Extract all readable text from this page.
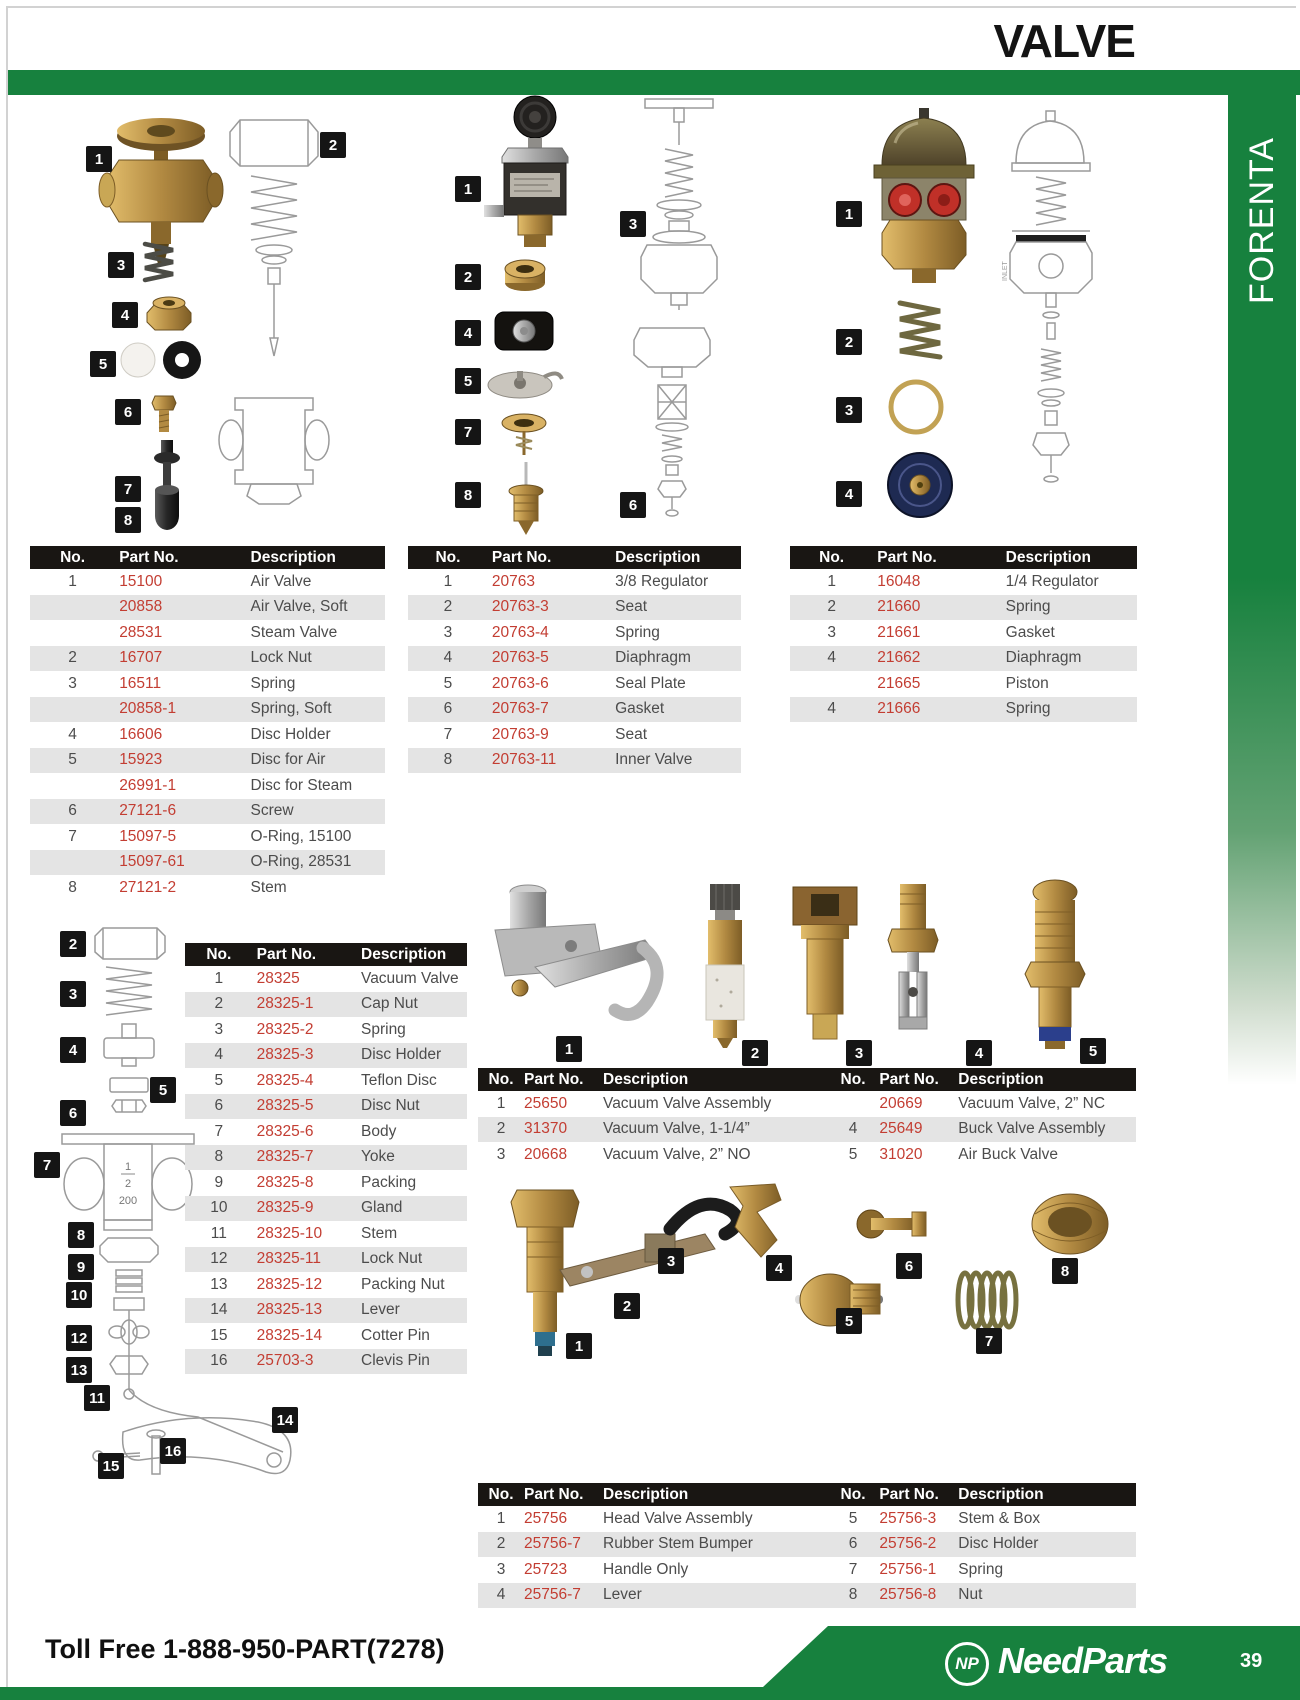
VALVE
FORENTA
INLET
1
2
200
No.	Part No.	Description
1	15100	Air Valve
20858	Air Valve, Soft
28531	Steam Valve
2	16707	Lock Nut
3	16511	Spring
20858-1	Spring, Soft
4	16606	Disc Holder
5	15923	Disc for Air
26991-1	Disc for Steam
6	27121-6	Screw
7	15097-5	O-Ring, 15100
15097-61	O-Ring, 28531
8	27121-2	Stem
No.	Part No.	Description
1	20763	3/8 Regulator
2	20763-3	Seat
3	20763-4	Spring
4	20763-5	Diaphragm
5	20763-6	Seal Plate
6	20763-7	Gasket
7	20763-9	Seat
8	20763-11	Inner Valve
No.	Part No.	Description
1	16048	1/4 Regulator
2	21660	Spring
3	21661	Gasket
4	21662	Diaphragm
21665	Piston
4	21666	Spring
No.	Part No.	Description
1	28325	Vacuum Valve
2	28325-1	Cap Nut
3	28325-2	Spring
4	28325-3	Disc Holder
5	28325-4	Teflon Disc
6	28325-5	Disc Nut
7	28325-6	Body
8	28325-7	Yoke
9	28325-8	Packing
10	28325-9	Gland
11	28325-10	Stem
12	28325-11	Lock Nut
13	28325-12	Packing Nut
14	28325-13	Lever
15	28325-14	Cotter Pin
16	25703-3	Clevis Pin
No. Part No.	Description	No. Part No.	Description
1	25650	Vacuum Valve Assembly	20669	Vacuum Valve, 2” NC
2	31370	Vacuum Valve, 1-1/4”	4	25649	Buck Valve Assembly
3	20668	Vacuum Valve, 2” NO	5	31020	Air Buck Valve
No. Part No.	Description	No. Part No.	Description
1	25756	Head Valve Assembly	5	25756-3	Stem & Box
2	25756-7	Rubber Stem Bumper	6	25756-2	Disc Holder
3	25723	Handle Only	7	25756-1	Spring
4	25756-7	Lever	8	25756-8	Nut
Toll Free 1-888-950-PART(7278)	NP NeedParts	39
1
2
3
4
5
6
7
8
1
2
3
4
5
7
8
6
1
2
3
4
2
3
4
5
6
7
8
9
10
12
13
11
14
15
16
1	2	3	4	5
1
2
3	4
5
6
7
8
